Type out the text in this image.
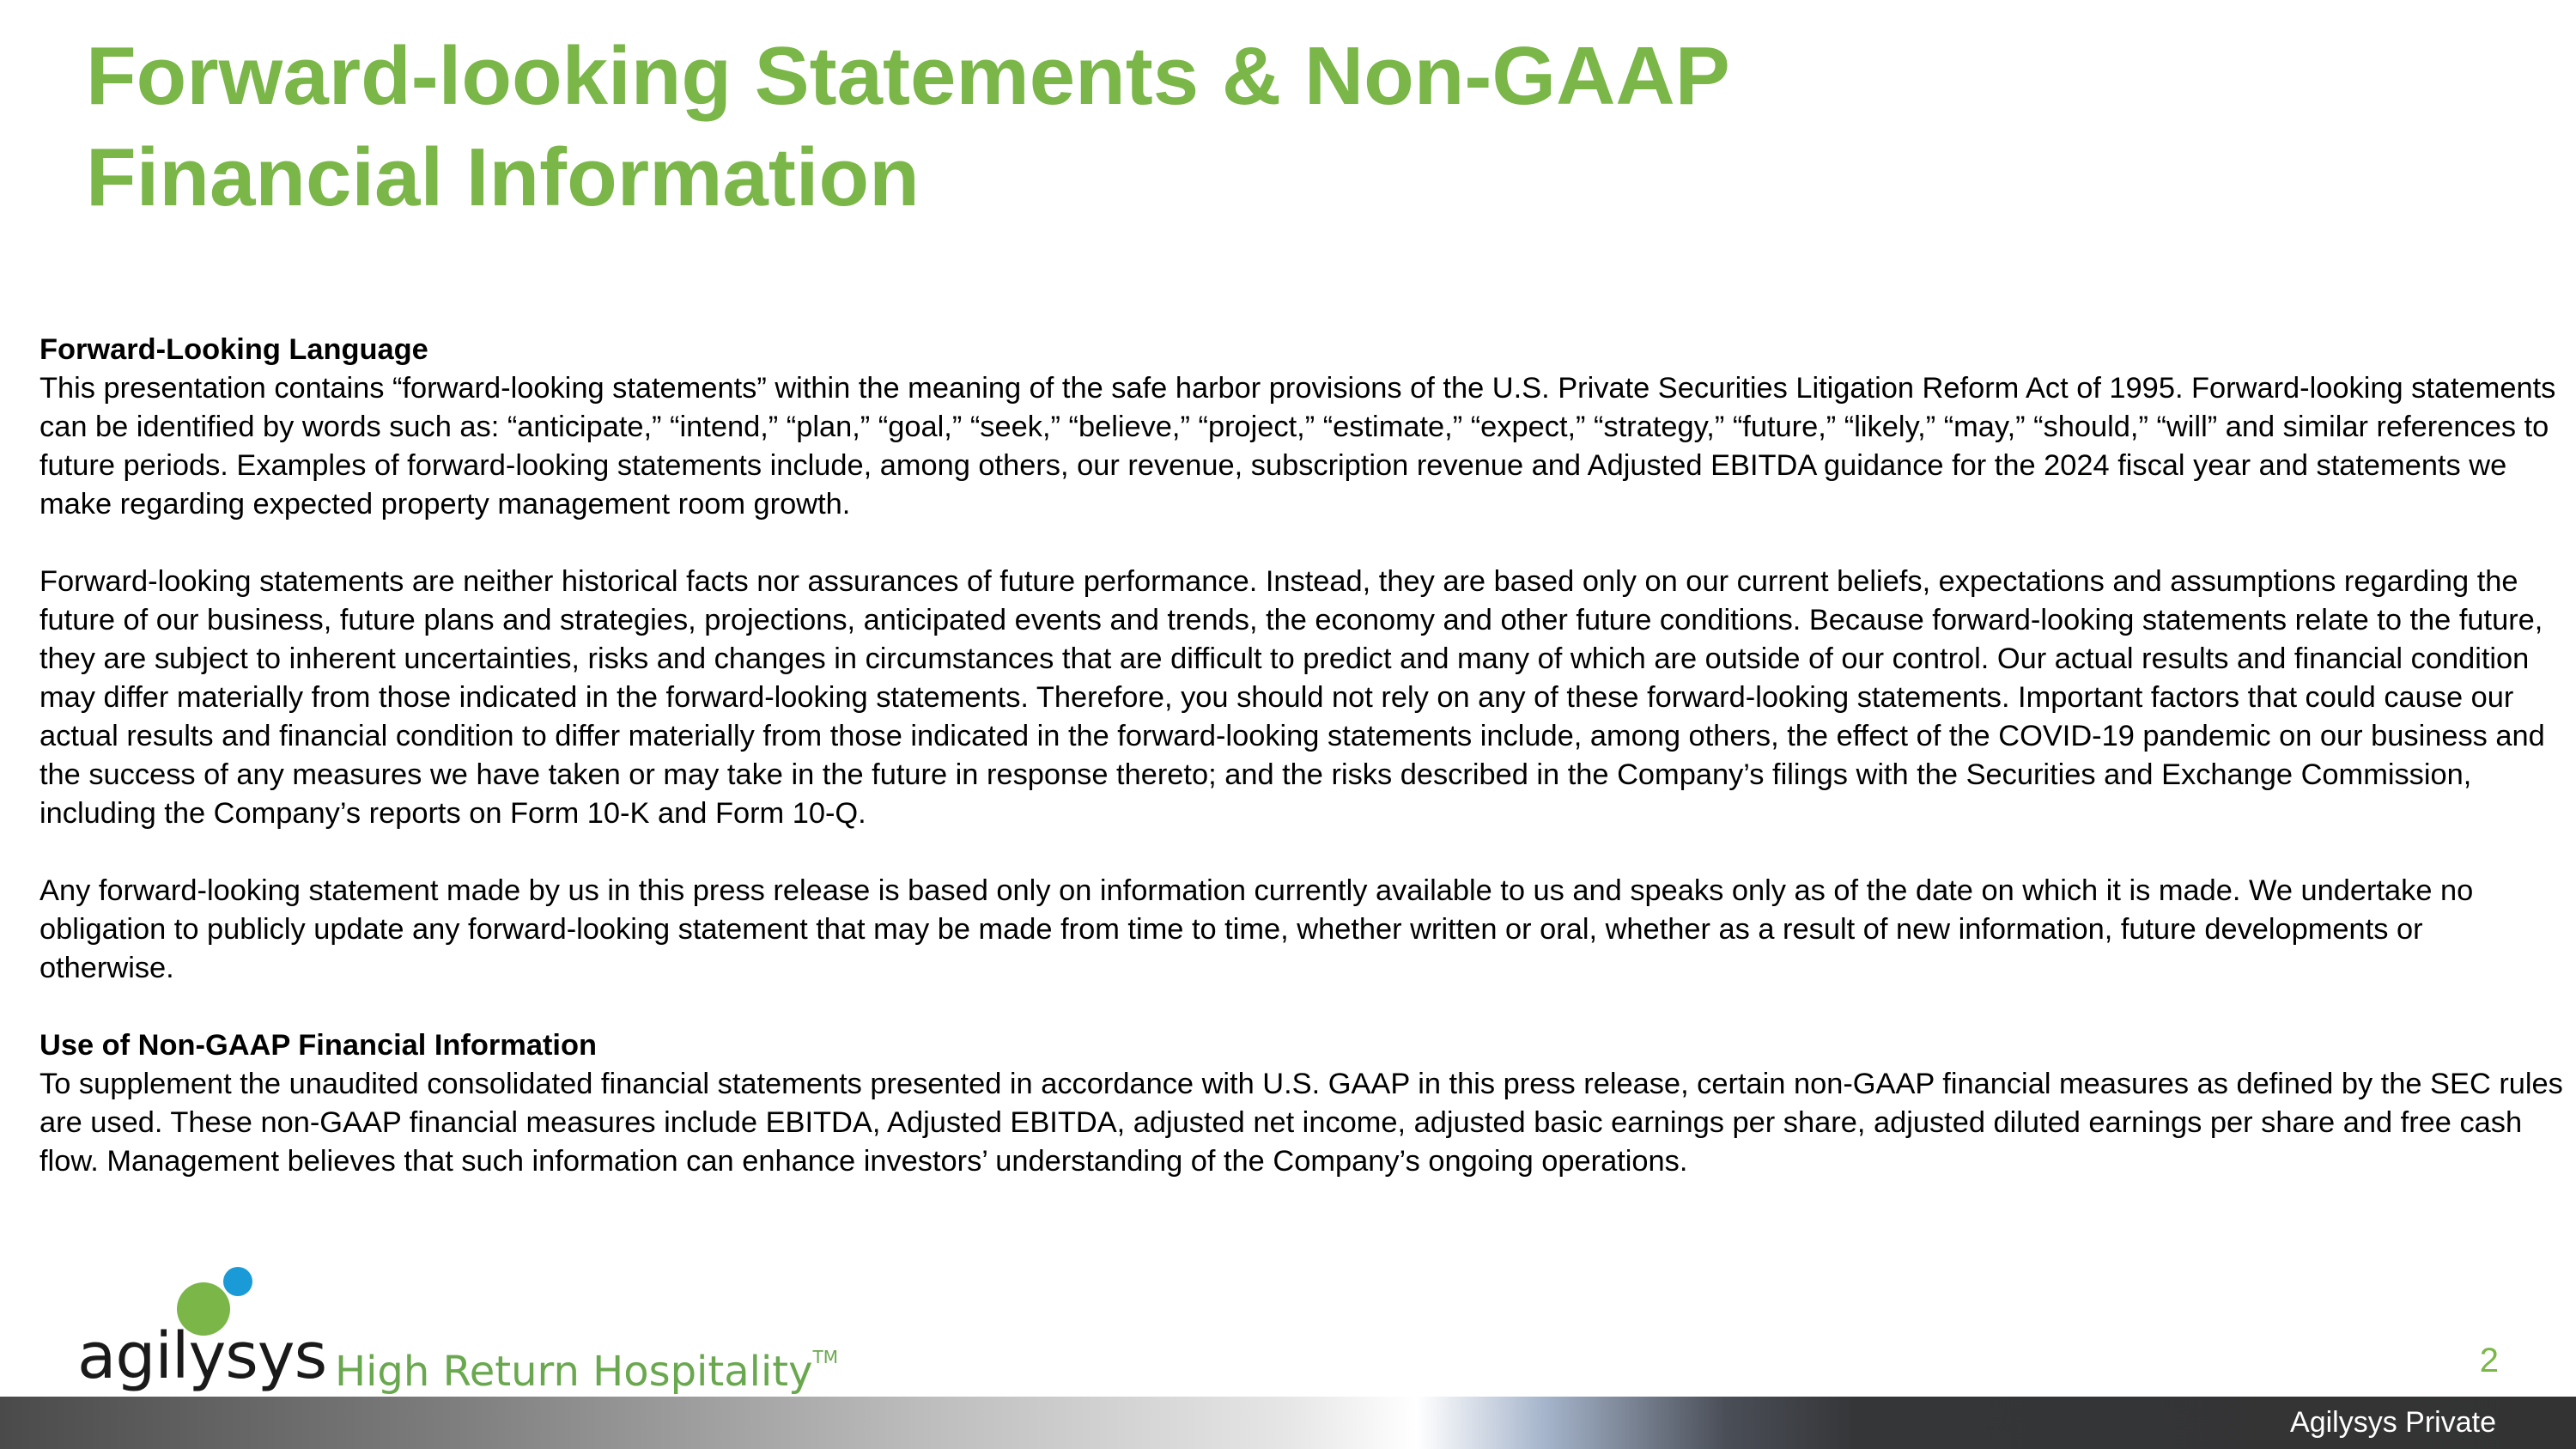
Forward-looking Statements & Non-GAAP
Financial Information

Forward-Looking Language
This presentation contains “forward-looking statements” within the meaning of the safe harbor provisions of the U.S. Private Securities Litigation Reform Act of 1995. Forward-looking statements can be identified by words such as: “anticipate,” “intend,” “plan,” “goal,” “seek,” “believe,” “project,” “estimate,” “expect,” “strategy,” “future,” “likely,” “may,” “should,” “will” and similar references to future periods. Examples of forward-looking statements include, among others, our revenue, subscription revenue and Adjusted EBITDA guidance for the 2024 fiscal year and statements we make regarding expected property management room growth.

Forward-looking statements are neither historical facts nor assurances of future performance. Instead, they are based only on our current beliefs, expectations and assumptions regarding the future of our business, future plans and strategies, projections, anticipated events and trends, the economy and other future conditions. Because forward-looking statements relate to the future, they are subject to inherent uncertainties, risks and changes in circumstances that are difficult to predict and many of which are outside of our control. Our actual results and financial condition may differ materially from those indicated in the forward-looking statements. Therefore, you should not rely on any of these forward-looking statements. Important factors that could cause our actual results and financial condition to differ materially from those indicated in the forward-looking statements include, among others, the effect of the COVID-19 pandemic on our business and the success of any measures we have taken or may take in the future in response thereto; and the risks described in the Company’s filings with the Securities and Exchange Commission, including the Company’s reports on Form 10-K and Form 10-Q.

Any forward-looking statement made by us in this press release is based only on information currently available to us and speaks only as of the date on which it is made. We undertake no obligation to publicly update any forward-looking statement that may be made from time to time, whether written or oral, whether as a result of new information, future developments or otherwise.

Use of Non-GAAP Financial Information
To supplement the unaudited consolidated financial statements presented in accordance with U.S. GAAP in this press release, certain non-GAAP financial measures as defined by the SEC rules are used. These non-GAAP financial measures include EBITDA, Adjusted EBITDA, adjusted net income, adjusted basic earnings per share, adjusted diluted earnings per share and free cash flow. Management believes that such information can enhance investors’ understanding of the Company’s ongoing operations.

agilysys High Return Hospitality™	2
Agilysys Private
